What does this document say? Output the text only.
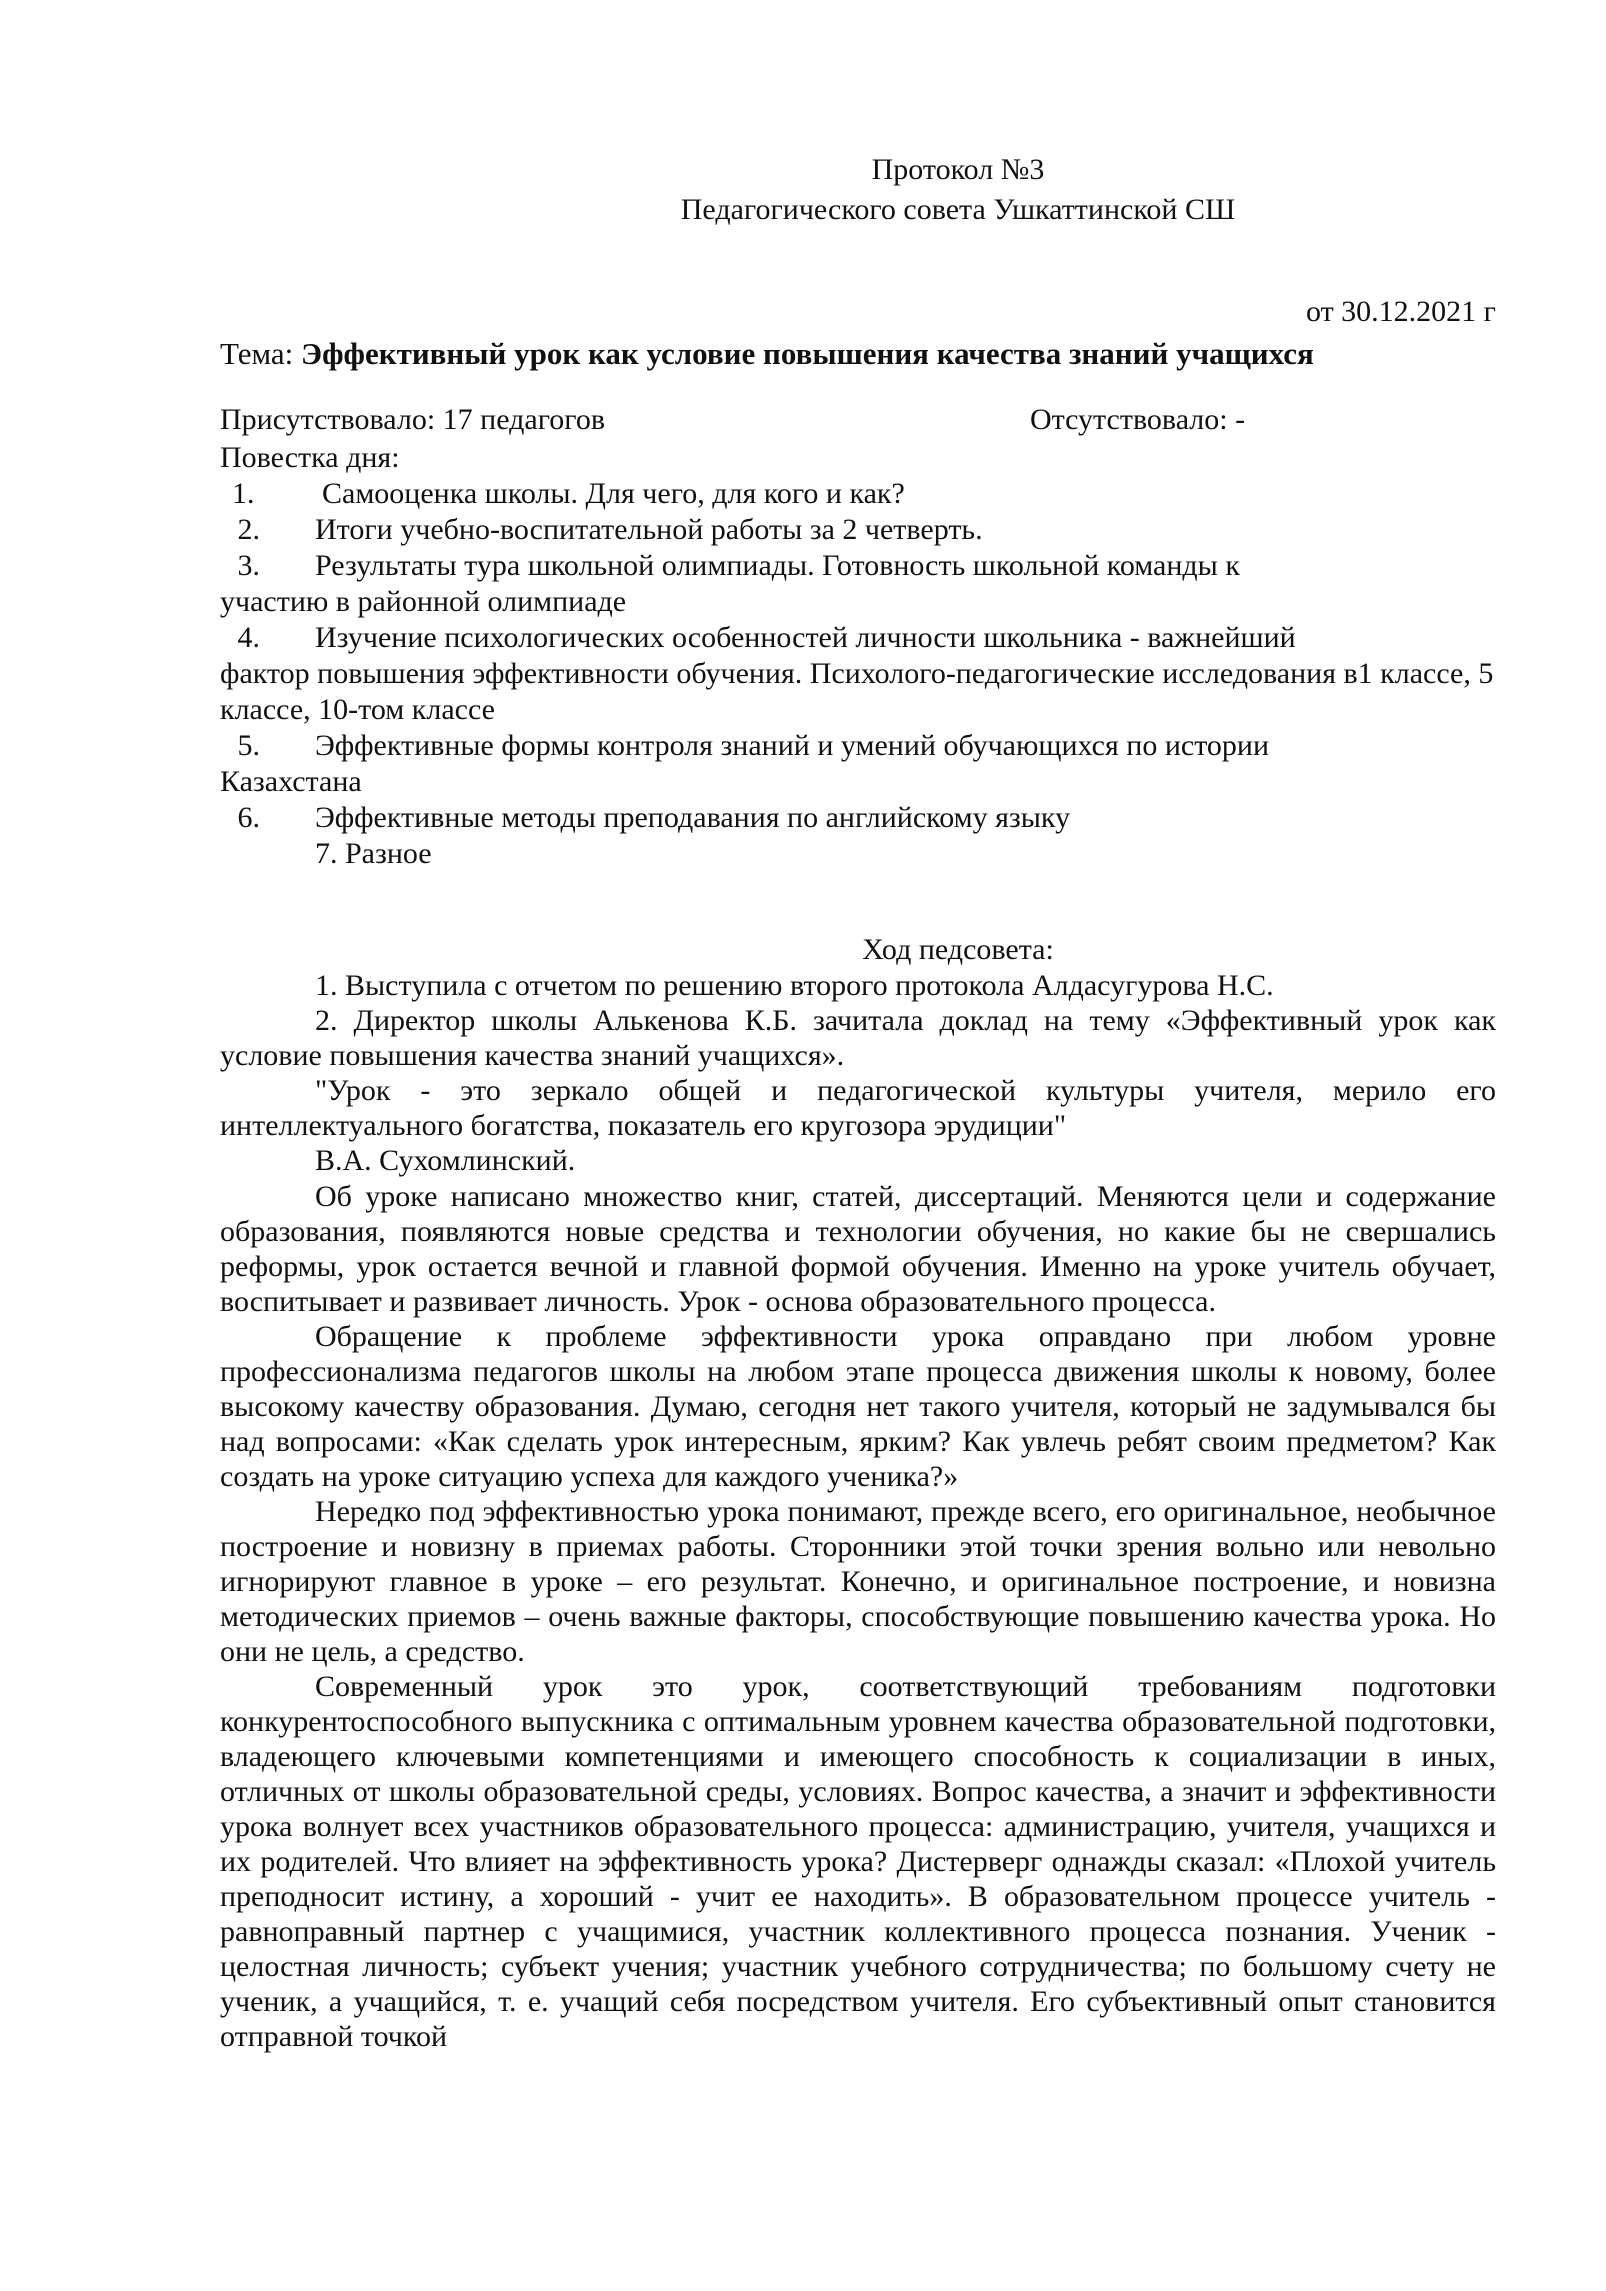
Протокол №3
Педагогического совета Ушкаттинской СШ
от 30.12.2021 г
Тема: Эффективный урок как условие повышения качества знаний учащихся
Присутствовало: 17 педагогов	Отсутствовало: -
Повестка дня:
1. Самооценка школы. Для чего, для кого и как?
2.	Итоги учебно-воспитательной работы за 2 четверть.
3.	Результаты тура школьной олимпиады. Готовность школьной команды к
участию в районной олимпиаде
4.	Изучение психологических особенностей личности школьника - важнейший
фактор повышения эффективности обучения. Психолого-педагогические исследования в1 классе, 5 классе, 10-том классе
5.	Эффективные формы контроля знаний и умений обучающихся по истории
Казахстана
6.	Эффективные методы преподавания по английскому языку
7. Разное
Ход педсовета:

1. Выступила с отчетом по решению второго протокола Алдасугурова Н.С.

2. Директор школы Алькенова К.Б. зачитала доклад на тему «Эффективный урок как условие повышения качества знаний учащихся».

"Урок - это зеркало общей и педагогической культуры учителя, мерило его интеллектуального богатства, показатель его кругозора эрудиции"

В.А. Сухомлинский.

Об уроке написано множество книг, статей, диссертаций. Меняются цели и содержание образования, появляются новые средства и технологии обучения, но какие бы не свершались реформы, урок остается вечной и главной формой обучения. Именно на уроке учитель обучает, воспитывает и развивает личность. Урок - основа образовательного процесса.

Обращение к проблеме эффективности урока оправдано при любом уровне профессионализма педагогов школы на любом этапе процесса движения школы к новому, более высокому качеству образования. Думаю, сегодня нет такого учителя, который не задумывался бы над вопросами: «Как сделать урок интересным, ярким? Как увлечь ребят своим предметом? Как создать на уроке ситуацию успеха для каждого ученика?»

Нередко под эффективностью урока понимают, прежде всего, его оригинальное, необычное построение и новизну в приемах работы. Сторонники этой точки зрения вольно или невольно игнорируют главное в уроке – его результат. Конечно, и оригинальное построение, и новизна методических приемов – очень важные факторы, способствующие повышению качества урока. Но они не цель, а средство.

Современный урок это урок, соответствующий требованиям подготовки конкурентоспособного выпускника с оптимальным уровнем качества образовательной подготовки, владеющего ключевыми компетенциями и имеющего способность к социализации в иных, отличных от школы образовательной среды, условиях. Вопрос качества, а значит и эффективности урока волнует всех участников образовательного процесса: администрацию, учителя, учащихся и их родителей. Что влияет на эффективность урока? Дистерверг однажды сказал: «Плохой учитель преподносит истину, а хороший - учит ее находить». В образовательном процессе учитель - равноправный партнер с учащимися, участник коллективного процесса познания. Ученик - целостная личность; субъект учения; участник учебного сотрудничества; по большому счету не ученик, а учащийся, т. е. учащий себя посредством учителя. Его субъективный опыт становится отправной точкой
